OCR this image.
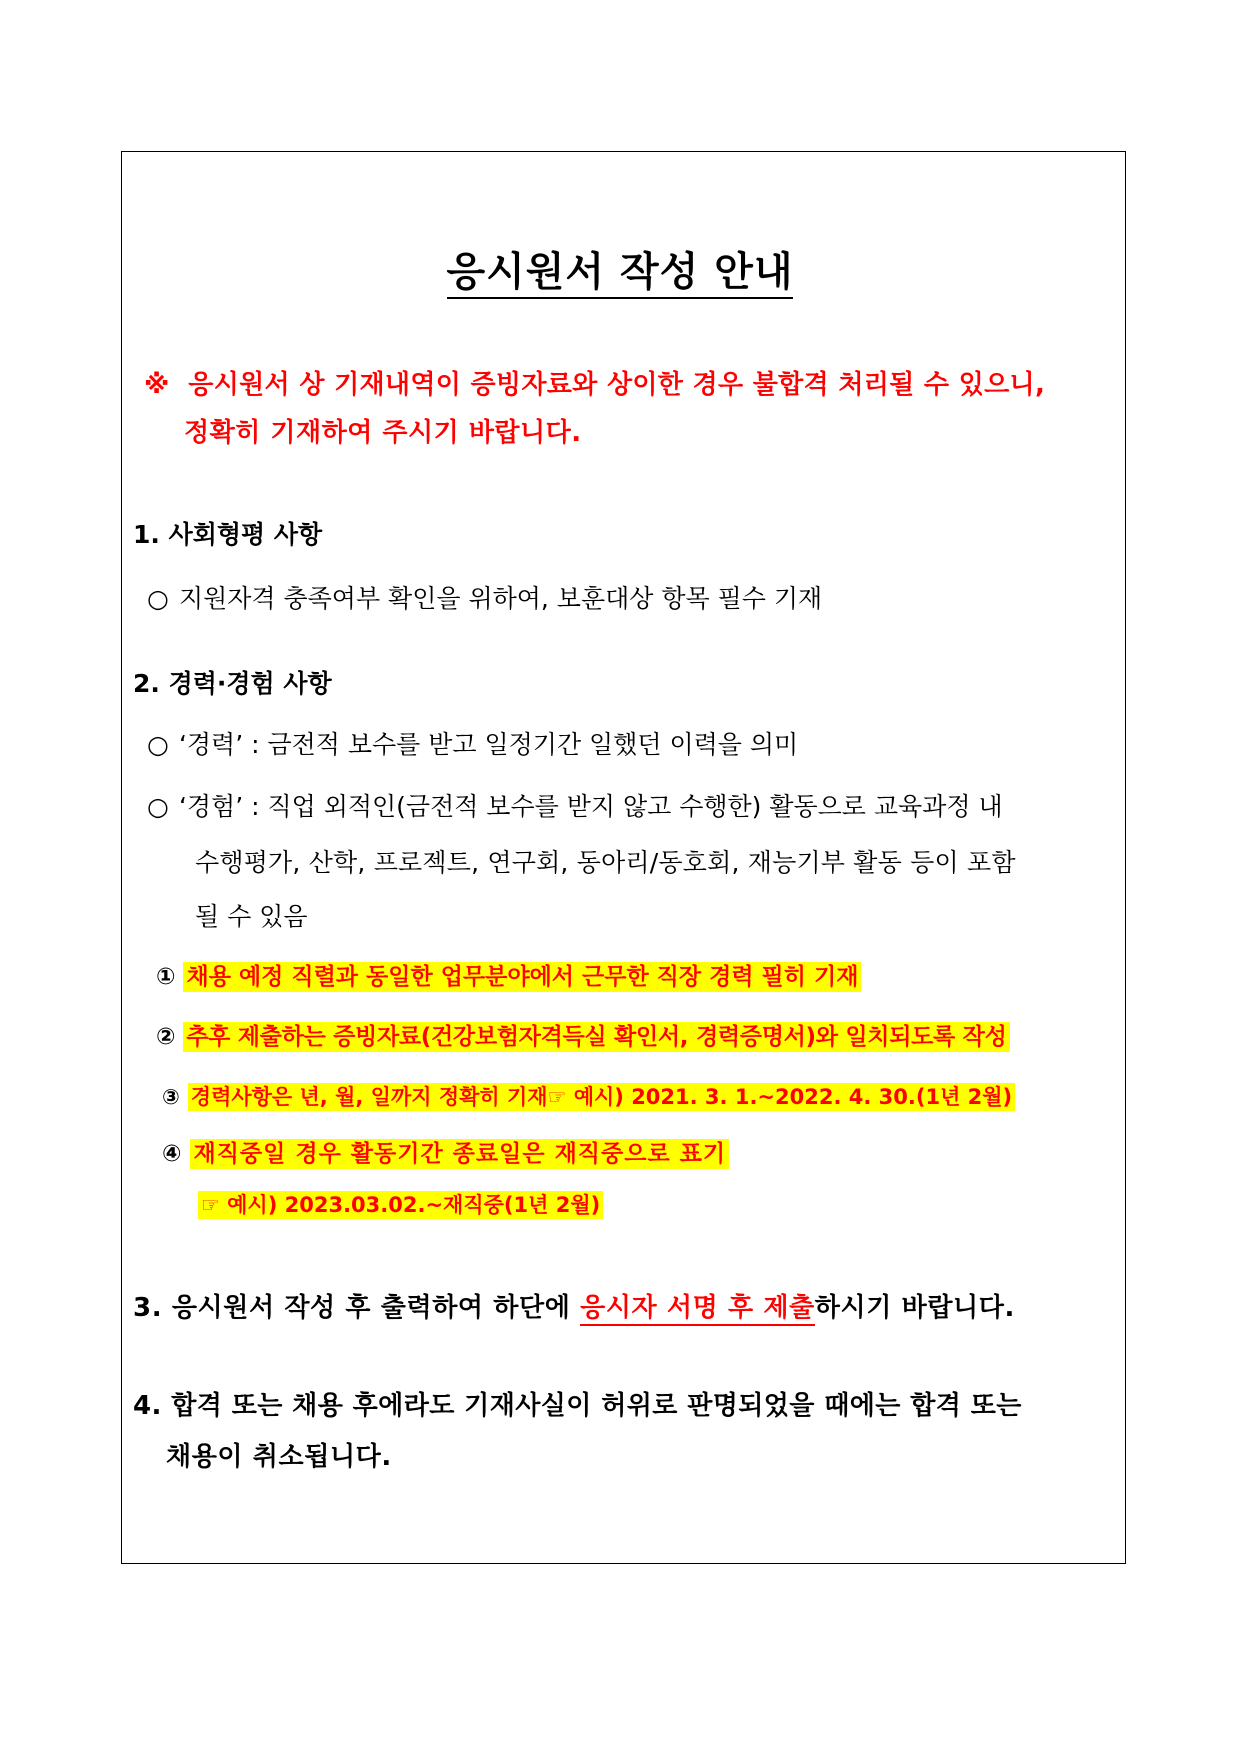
응시원서 작성 안내
※ 응시원서 상 기재내역이 증빙자료와 상이한 경우 불합격 처리될 수 있으니,
정확히 기재하여 주시기 바랍니다.
1. 사회형평 사항
○ 지원자격 충족여부 확인을 위하여, 보훈대상 항목 필수 기재
2. 경력·경험 사항
○ ‘경력’ : 금전적 보수를 받고 일정기간 일했던 이력을 의미
○ ‘경험’ : 직업 외적인(금전적 보수를 받지 않고 수행한) 활동으로 교육과정 내
수행평가, 산학, 프로젝트, 연구회, 동아리/동호회, 재능기부 활동 등이 포함
될 수 있음
① 채용 예정 직렬과 동일한 업무분야에서 근무한 직장 경력 필히 기재
② 추후 제출하는 증빙자료(건강보험자격득실 확인서, 경력증명서)와 일치되도록 작성
③ 경력사항은 년, 월, 일까지 정확히 기재☞ 예시) 2021. 3. 1.~2022. 4. 30.(1년 2월)
④ 재직중일 경우 활동기간 종료일은 재직중으로 표기
☞ 예시) 2023.03.02.~재직중(1년 2월)
3. 응시원서 작성 후 출력하여 하단에 응시자 서명 후 제출하시기 바랍니다.
4. 합격 또는 채용 후에라도 기재사실이 허위로 판명되었을 때에는 합격 또는
채용이 취소됩니다.
